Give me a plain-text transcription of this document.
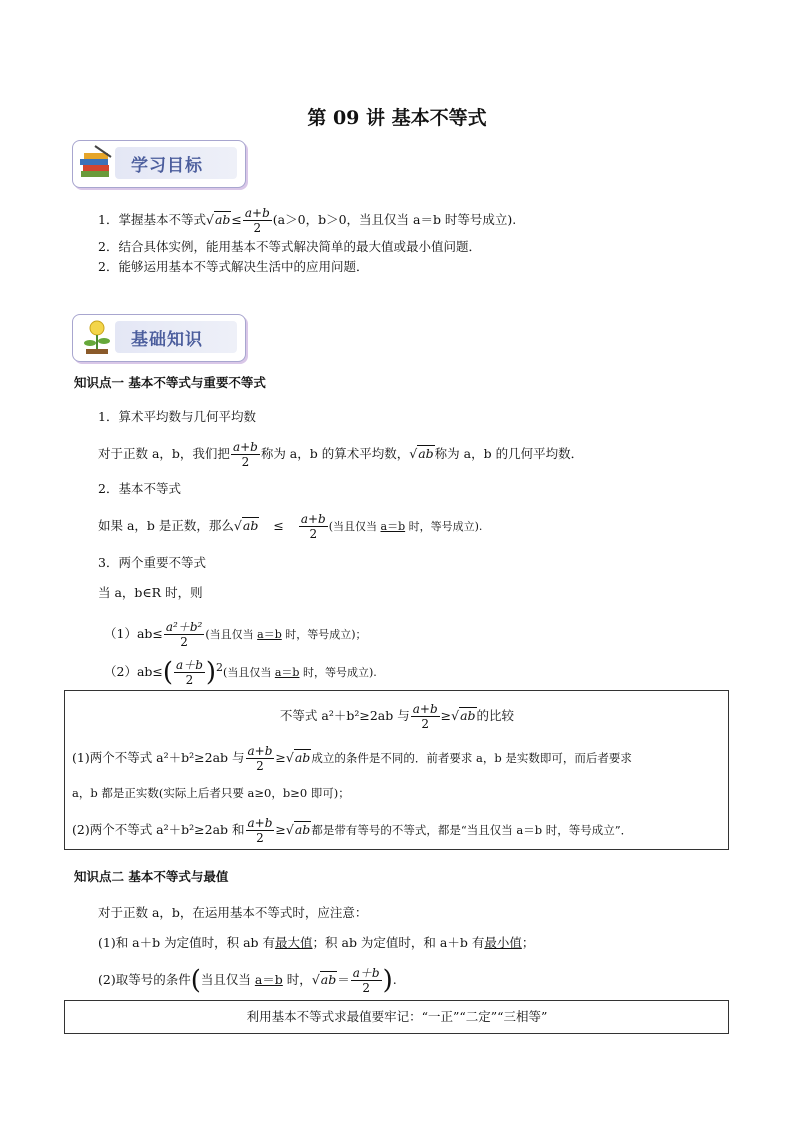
第 09 讲 基本不等式
学习目标
1．掌握基本不等式$√ab\le \frac{a+b}{2} (a>0$，b＞0，当且仅当 a＝b 时等号成立).
2．结合具体实例，能用基本不等式解决简单的最大值或最小值问题．
2．能够运用基本不等式解决生活中的应用问题．
基础知识
知识点一 基本不等式与重要不等式
1．算术平均数与几何平均数
对于正数 a，b，我们把 $\frac{a+b}{2}$ 称为 a，b 的算术平均数，√ab称为 a，b 的几何平均数．
2．基本不等式
如果 a，b 是正数，那么$√ab \le \frac{a+b}{2}$ (当且仅当 a＝b 时，等号成立).
3．两个重要不等式
当 a，b∈R 时，则
$(1)ab\le \frac{\text{a²＋b²}}{2}$ (当且仅当 a＝b 时，等号成立)；
$(2)ab\le( \frac{a+b}{2} )^2$(当且仅当 a＝b 时，等号成立).
不等式 a²＋b²≥2ab 与 $\frac{a+b}{2} \ge√ab$的比较
(1)两个不等式 a²＋b²≥2ab 与 $\frac{a+b}{2} \ge√ab$成立的条件是不同的．前者要求 a，b 是实数即可，而后者要求
a，b 都是正实数(实际上后者只要 a≥0，b≥0 即可)；
(2)两个不等式 a²＋b²≥2ab 和 $\frac{a+b}{2} \ge√ab$都是带有等号的不等式，都是“当且仅当 a＝b 时，等号成立”．
知识点二 基本不等式与最值
对于正数 a，b，在运用基本不等式时，应注意：
(1)和 a＋b 为定值时，积 ab 有最大值；积 ab 为定值时，和 a＋b 有最小值；
(2)取等号的条件(当且仅当 a＝b 时，$√ab= \frac{a+b}{2}$ ).
利用基本不等式求最值要牢记：“一正”“二定”“三相等”
